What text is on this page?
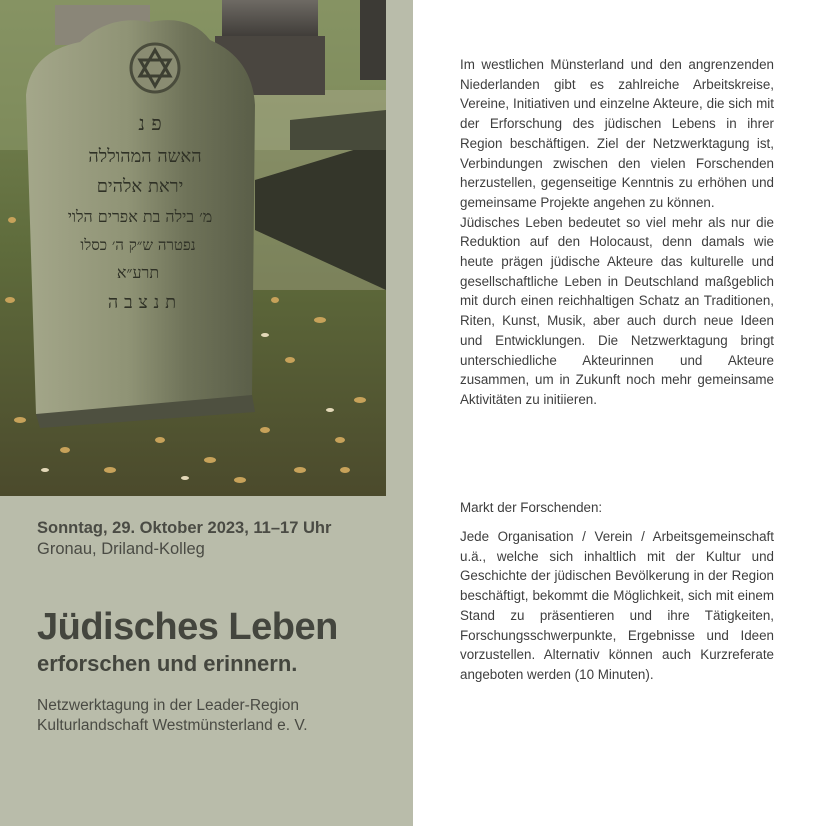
פ נ
האשה המהוללה
יראת אלהים
מ׳ בילה בת אפרים הלוי
נפטרה ש״ק ה׳ כסלו
תרע״א
ת נ צ ב ה
Sonntag, 29. Oktober 2023, 11–17 Uhr
Gronau, Driland-Kolleg
Jüdisches Leben
erforschen und erinnern.
Netzwerktagung in der Leader-Region
Kulturlandschaft Westmünsterland e. V.

Im westlichen Münsterland und den angrenzenden Niederlanden gibt es zahlreiche Arbeitskreise, Vereine, Initiativen und einzelne Akteure, die sich mit der Erforschung des jüdischen Lebens in ihrer Region beschäftigen. Ziel der Netzwerktagung ist, Verbindungen zwischen den vielen Forschenden herzustellen, gegenseitige Kenntnis zu erhöhen und gemeinsame Projekte angehen zu können.

Jüdisches Leben bedeutet so viel mehr als nur die Reduktion auf den Holocaust, denn damals wie heute prägen jüdische Akteure das kulturelle und gesellschaftliche Leben in Deutschland maßgeblich mit durch einen reichhaltigen Schatz an Traditionen, Riten, Kunst, Musik, aber auch durch neue Ideen und Entwicklungen. Die Netzwerktagung bringt unterschiedliche Akteurinnen und Akteure zusammen, um in Zukunft noch mehr gemeinsame Aktivitäten zu initiieren.

Markt der Forschenden:

Jede Organisation / Verein / Arbeitsgemeinschaft u.ä., welche sich inhaltlich mit der Kultur und Geschichte der jüdischen Bevölkerung in der Region beschäftigt, bekommt die Möglichkeit, sich mit einem Stand zu präsentieren und ihre Tätigkeiten, Forschungsschwerpunkte, Ergebnisse und Ideen vorzustellen. Alternativ können auch Kurzreferate angeboten werden (10 Minuten).
